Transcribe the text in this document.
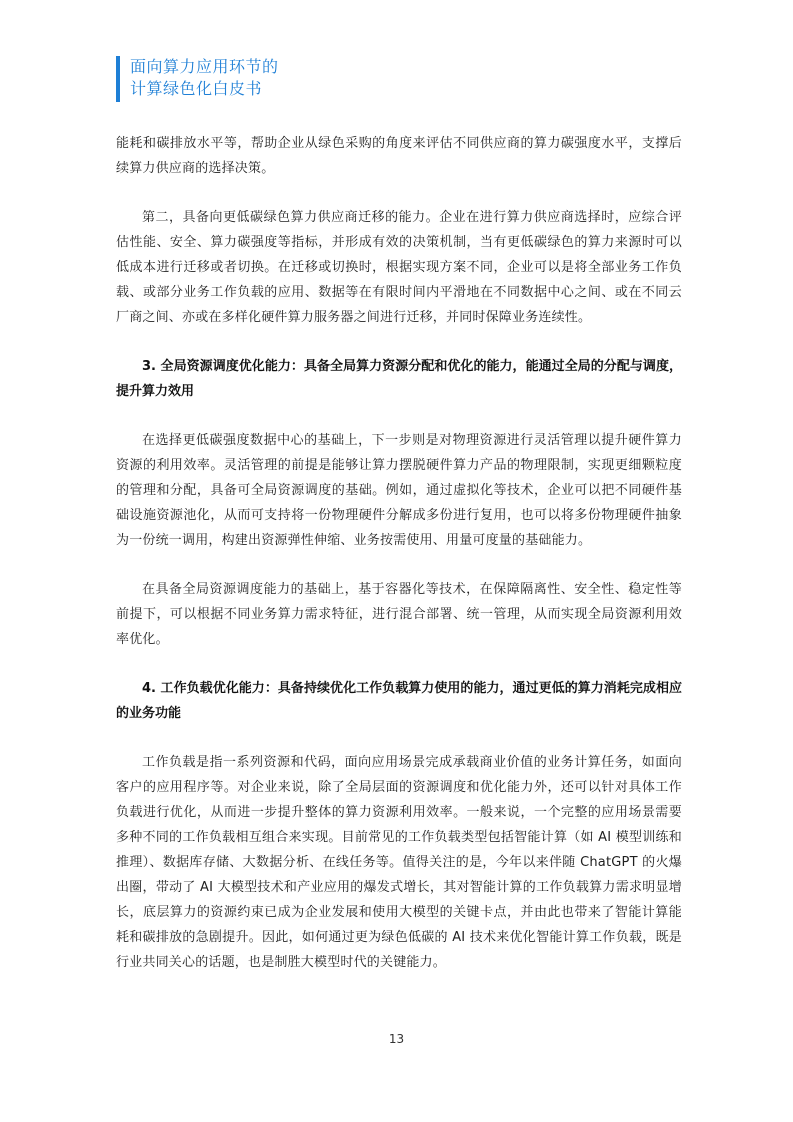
面向算力应用环节的
计算绿色化白皮书

能耗和碳排放水平等，帮助企业从绿色采购的角度来评估不同供应商的算力碳强度水平，支撑后续算力供应商的选择决策。

第二，具备向更低碳绿色算力供应商迁移的能力。企业在进行算力供应商选择时，应综合评估性能、安全、算力碳强度等指标，并形成有效的决策机制，当有更低碳绿色的算力来源时可以低成本进行迁移或者切换。在迁移或切换时，根据实现方案不同，企业可以是将全部业务工作负载、或部分业务工作负载的应用、数据等在有限时间内平滑地在不同数据中心之间、或在不同云厂商之间、亦或在多样化硬件算力服务器之间进行迁移，并同时保障业务连续性。

3. 全局资源调度优化能力：具备全局算力资源分配和优化的能力，能通过全局的分配与调度，提升算力效用

在选择更低碳强度数据中心的基础上，下一步则是对物理资源进行灵活管理以提升硬件算力资源的利用效率。灵活管理的前提是能够让算力摆脱硬件算力产品的物理限制，实现更细颗粒度的管理和分配，具备可全局资源调度的基础。例如，通过虚拟化等技术，企业可以把不同硬件基础设施资源池化，从而可支持将一份物理硬件分解成多份进行复用，也可以将多份物理硬件抽象为一份统一调用，构建出资源弹性伸缩、业务按需使用、用量可度量的基础能力。

在具备全局资源调度能力的基础上，基于容器化等技术，在保障隔离性、安全性、稳定性等前提下，可以根据不同业务算力需求特征，进行混合部署、统一管理，从而实现全局资源利用效率优化。

4. 工作负载优化能力：具备持续优化工作负载算力使用的能力，通过更低的算力消耗完成相应的业务功能

工作负载是指一系列资源和代码，面向应用场景完成承载商业价值的业务计算任务，如面向客户的应用程序等。对企业来说，除了全局层面的资源调度和优化能力外，还可以针对具体工作负载进行优化，从而进一步提升整体的算力资源利用效率。一般来说，一个完整的应用场景需要多种不同的工作负载相互组合来实现。目前常见的工作负载类型包括智能计算（如 AI 模型训练和推理）、数据库存储、大数据分析、在线任务等。值得关注的是，今年以来伴随 ChatGPT 的火爆出圈，带动了 AI 大模型技术和产业应用的爆发式增长，其对智能计算的工作负载算力需求明显增长，底层算力的资源约束已成为企业发展和使用大模型的关键卡点，并由此也带来了智能计算能耗和碳排放的急剧提升。因此，如何通过更为绿色低碳的 AI 技术来优化智能计算工作负载，既是行业共同关心的话题，也是制胜大模型时代的关键能力。

13
